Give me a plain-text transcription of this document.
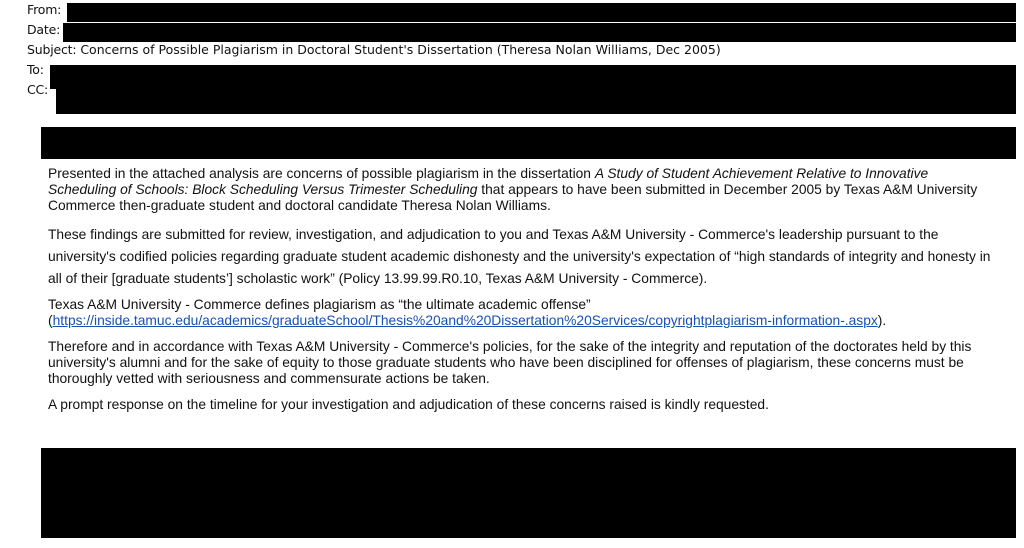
From:
Date:
Subject: Concerns of Possible Plagiarism in Doctoral Student's Dissertation (Theresa Nolan Williams, Dec 2005)
To:
CC:

Presented in the attached analysis are concerns of possible plagiarism in the dissertation A Study of Student Achievement Relative to Innovative Scheduling of Schools: Block Scheduling Versus Trimester Scheduling that appears to have been submitted in December 2005 by Texas A&M University Commerce then-graduate student and doctoral candidate Theresa Nolan Williams.

These findings are submitted for review, investigation, and adjudication to you and Texas A&M University - Commerce's leadership pursuant to the university's codified policies regarding graduate student academic dishonesty and the university's expectation of “high standards of integrity and honesty in all of their [graduate students’] scholastic work” (Policy 13.99.99.R0.10, Texas A&M University - Commerce).

Texas A&M University - Commerce defines plagiarism as “the ultimate academic offense” (https://inside.tamuc.edu/academics/graduateSchool/Thesis%20and%20Dissertation%20Services/copyrightplagiarism-information-.aspx).

Therefore and in accordance with Texas A&M University - Commerce's policies, for the sake of the integrity and reputation of the doctorates held by this university's alumni and for the sake of equity to those graduate students who have been disciplined for offenses of plagiarism, these concerns must be thoroughly vetted with seriousness and commensurate actions be taken.

A prompt response on the timeline for your investigation and adjudication of these concerns raised is kindly requested.
